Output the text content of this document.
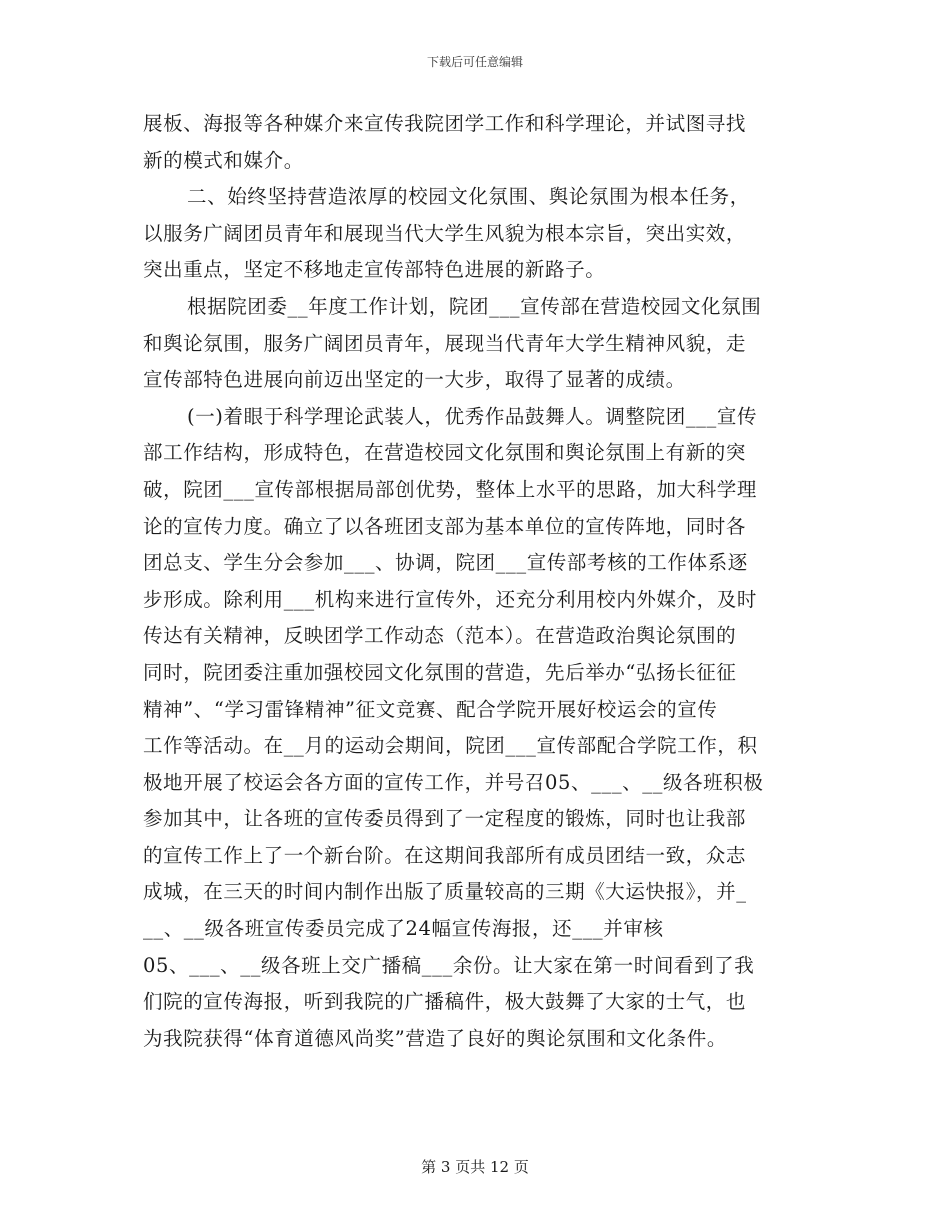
下载后可任意编辑
展板、海报等各种媒介来宣传我院团学工作和科学理论，并试图寻找
新的模式和媒介。
二、始终坚持营造浓厚的校园文化氛围、舆论氛围为根本任务，
以服务广阔团员青年和展现当代大学生风貌为根本宗旨，突出实效，
突出重点，坚定不移地走宣传部特色进展的新路子。
根据院团委__年度工作计划，院团___宣传部在营造校园文化氛围
和舆论氛围，服务广阔团员青年，展现当代青年大学生精神风貌，走
宣传部特色进展向前迈出坚定的一大步，取得了显著的成绩。
(一)着眼于科学理论武装人，优秀作品鼓舞人。调整院团___宣传
部工作结构，形成特色，在营造校园文化氛围和舆论氛围上有新的突
破，院团___宣传部根据局部创优势，整体上水平的思路，加大科学理
论的宣传力度。确立了以各班团支部为基本单位的宣传阵地，同时各
团总支、学生分会参加___、协调，院团___宣传部考核的工作体系逐
步形成。除利用___机构来进行宣传外，还充分利用校内外媒介，及时
传达有关精神，反映团学工作动态（范本）。在营造政治舆论氛围的
同时，院团委注重加强校园文化氛围的营造，先后举办“弘扬长征征
精神”、“学习雷锋精神”征文竞赛、配合学院开展好校运会的宣传
工作等活动。在__月的运动会期间，院团___宣传部配合学院工作，积
极地开展了校运会各方面的宣传工作，并号召05、___、__级各班积极
参加其中，让各班的宣传委员得到了一定程度的锻炼，同时也让我部
的宣传工作上了一个新台阶。在这期间我部所有成员团结一致，众志
成城，在三天的时间内制作出版了质量较高的三期《大运快报》，并_
__、__级各班宣传委员完成了24幅宣传海报，还___并审核
05、___、__级各班上交广播稿___余份。让大家在第一时间看到了我
们院的宣传海报，听到我院的广播稿件，极大鼓舞了大家的士气，也
为我院获得“体育道德风尚奖”营造了良好的舆论氛围和文化条件。
第 3 页共 12 页
